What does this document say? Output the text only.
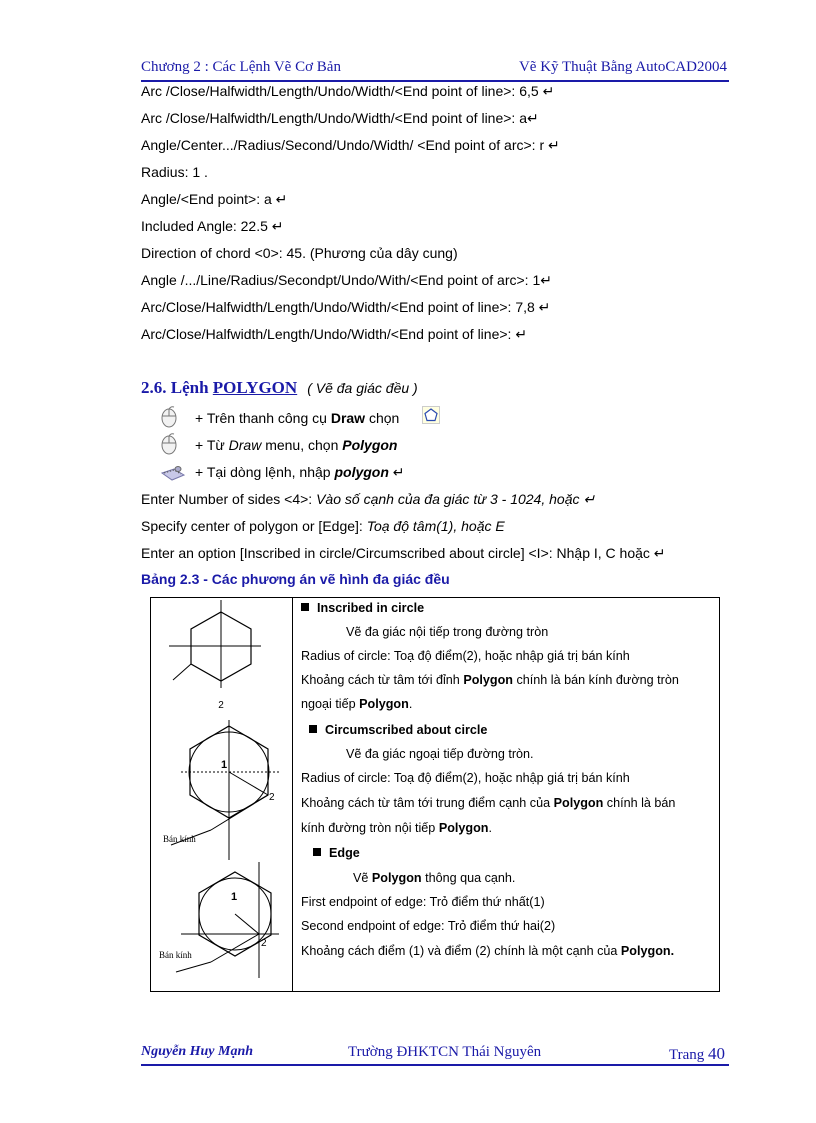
Chương 2 : Các Lệnh Vẽ Cơ Bản	Vẽ Kỹ Thuật Bằng AutoCAD2004
Arc /Close/Halfwidth/Length/Undo/Width/<End point of line>: 6,5 ↵
Arc /Close/Halfwidth/Length/Undo/Width/<End point of line>: a↵
Angle/Center.../Radius/Second/Undo/Width/ <End point of arc>: r ↵
Radius: 1 .
Angle/<End point>: a ↵
Included Angle: 22.5 ↵
Direction of chord <0>: 45. (Phương của dây cung)
Angle /.../Line/Radius/Secondpt/Undo/With/<End point of arc>: 1↵
Arc/Close/Halfwidth/Length/Undo/Width/<End point of line>: 7,8 ↵
Arc/Close/Halfwidth/Length/Undo/Width/<End point of line>: ↵
2.6. Lệnh POLYGON ( Vẽ đa giác đều )
+ Trên thanh công cụ Draw chọn
+ Từ Draw menu, chọn Polygon
+ Tại dòng lệnh, nhập polygon ↵
Enter Number of sides <4>: Vào số cạnh của đa giác từ 3 - 1024, hoặc ↵
Specify center of polygon or [Edge]: Toạ độ tâm(1), hoặc E
Enter an option [Inscribed in circle/Circumscribed about circle] <I>: Nhập I, C hoặc ↵
Bảng 2.3 - Các phương án vẽ hình đa giác đều
2
1
2
Bán kính
1
2
Bán kính
Inscribed in circle
Vẽ đa giác nội tiếp trong đường tròn
Radius of circle: Toạ độ điểm(2), hoặc nhập giá trị bán kính
Khoảng cách từ tâm tới đỉnh Polygon chính là bán kính đường tròn
ngoại tiếp Polygon.
Circumscribed about circle
Vẽ đa giác ngoại tiếp đường tròn.
Radius of circle: Toạ độ điểm(2), hoặc nhập giá trị bán kính
Khoảng cách từ tâm tới trung điểm cạnh của Polygon chính là bán
kính đường tròn nội tiếp Polygon.
Edge
Vẽ Polygon thông qua cạnh.
First endpoint of edge: Trỏ điểm thứ nhất(1)
Second endpoint of edge: Trỏ điểm thứ hai(2)
Khoảng cách điểm (1) và điểm (2) chính là một cạnh của Polygon.
Nguyễn Huy Mạnh	Trường ĐHKTCN Thái Nguyên	Trang 40
